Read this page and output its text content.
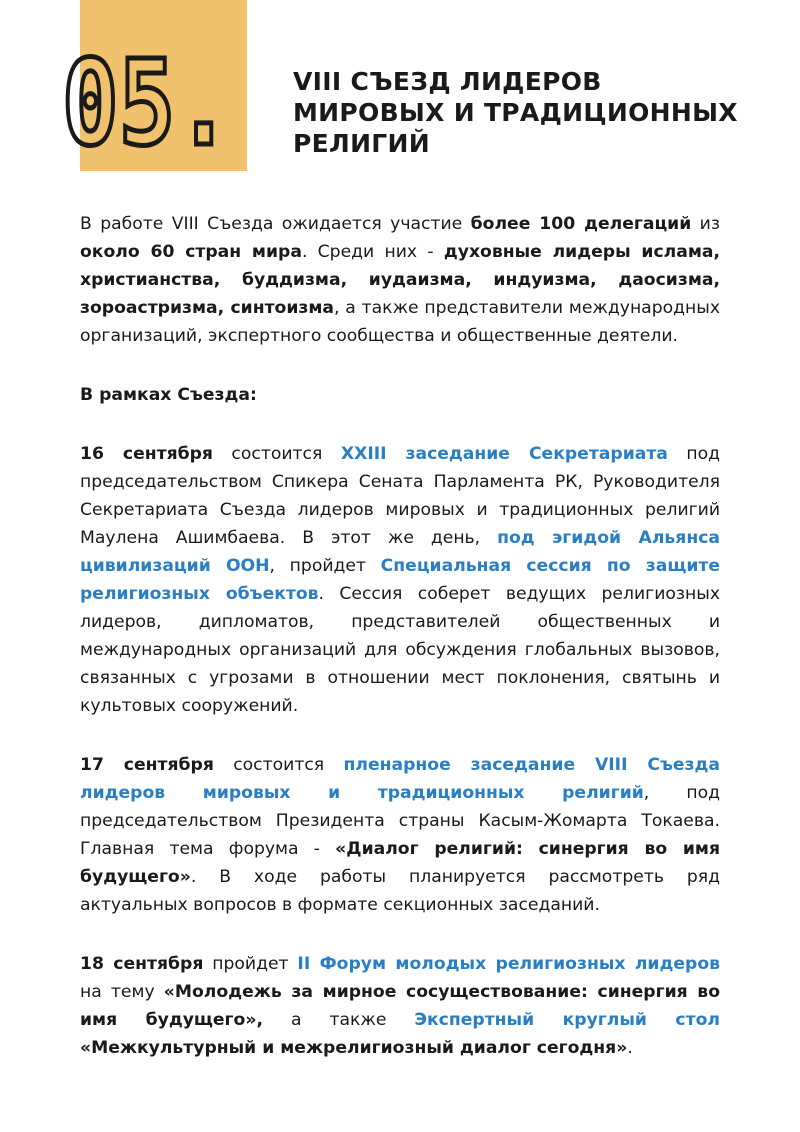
05. VIII СЪЕЗД ЛИДЕРОВ
МИРОВЫХ И ТРАДИЦИОННЫХ
РЕЛИГИЙ

В работе VIII Съезда ожидается участие более 100 делегаций из около 60 стран мира. Среди них - духовные лидеры ислама, христианства, буддизма, иудаизма, индуизма, даосизма, зороастризма, синтоизма, а также представители международных организаций, экспертного сообщества и общественные деятели.

В рамках Съезда:

16 сентября состоится XXIII заседание Секретариата под председательством Спикера Сената Парламента РК, Руководителя Секретариата Съезда лидеров мировых и традиционных религий Маулена Ашимбаева. В этот же день, под эгидой Альянса цивилизаций ООН, пройдет Специальная сессия по защите религиозных объектов. Сессия соберет ведущих религиозных лидеров, дипломатов, представителей общественных и международных организаций для обсуждения глобальных вызовов, связанных с угрозами в отношении мест поклонения, святынь и культовых сооружений.

17 сентября состоится пленарное заседание VIII Съезда лидеров мировых и традиционных религий, под председательством Президента страны Касым-Жомарта Токаева. Главная тема форума - «Диалог религий: синергия во имя будущего». В ходе работы планируется рассмотреть ряд актуальных вопросов в формате секционных заседаний.

18 сентября пройдет II Форум молодых религиозных лидеров на тему «Молодежь за мирное сосуществование: синергия во имя будущего», а также Экспертный круглый стол «Межкультурный и межрелигиозный диалог сегодня».
